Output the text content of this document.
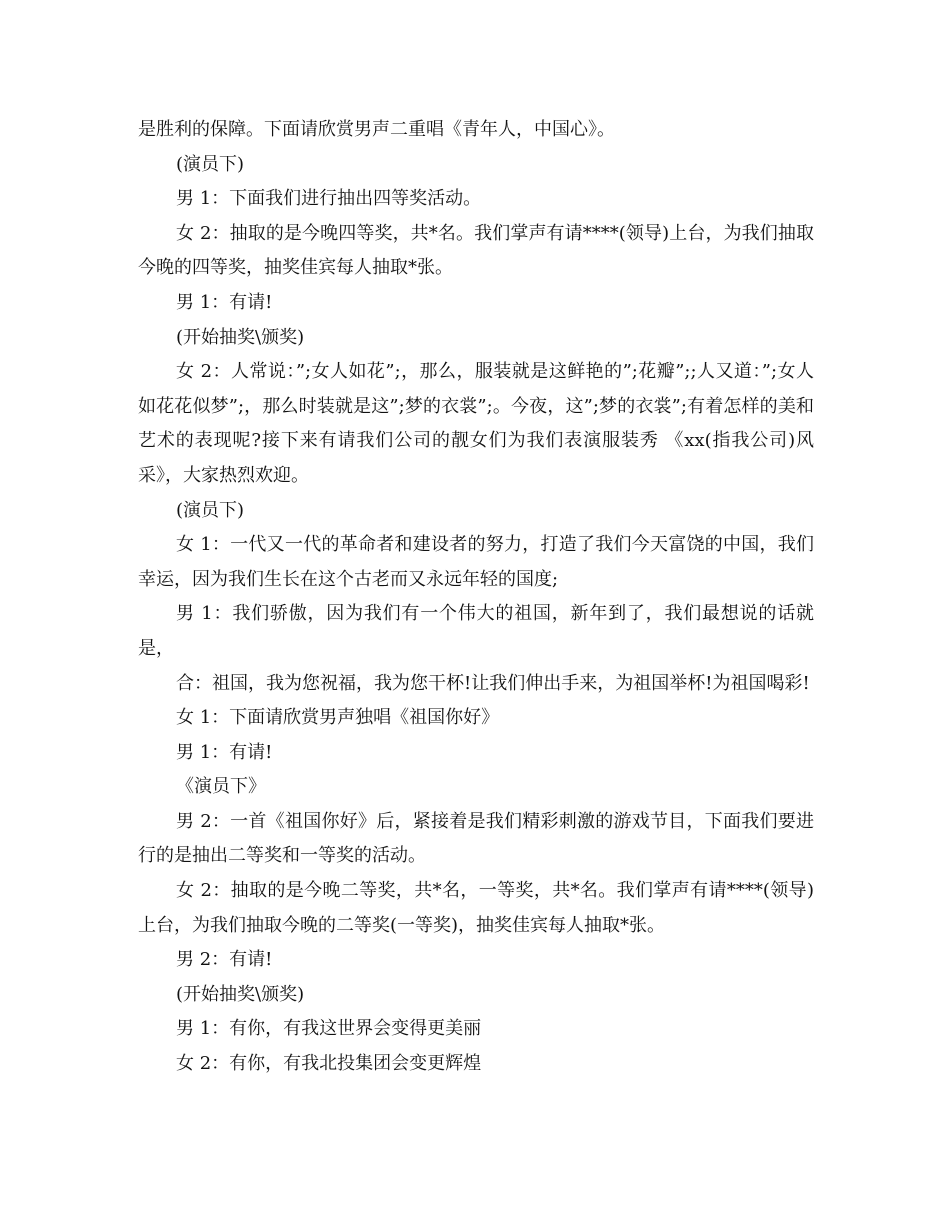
是胜利的保障。下面请欣赏男声二重唱《青年人，中国心》。

(演员下)

男 1：下面我们进行抽出四等奖活动。

女 2：抽取的是今晚四等奖，共*名。我们掌声有请****(领导)上台，为我们抽取今晚的四等奖，抽奖佳宾每人抽取*张。

男 1：有请!

(开始抽奖\颁奖)

女 2：人常说：”;女人如花”;，那么，服装就是这鲜艳的”;花瓣”;;人又道：”;女人如花花似梦”;，那么时装就是这”;梦的衣裳”;。今夜，这”;梦的衣裳”;有着怎样的美和艺术的表现呢?接下来有请我们公司的靓女们为我们表演服装秀 《xx(指我公司)风采》，大家热烈欢迎。

(演员下)

女 1：一代又一代的革命者和建设者的努力，打造了我们今天富饶的中国，我们幸运，因为我们生长在这个古老而又永远年轻的国度;

男 1：我们骄傲，因为我们有一个伟大的祖国，新年到了，我们最想说的话就是，

合：祖国，我为您祝福，我为您干杯!让我们伸出手来，为祖国举杯!为祖国喝彩!

女 1：下面请欣赏男声独唱《祖国你好》

男 1：有请!

《演员下》

男 2：一首《祖国你好》后，紧接着是我们精彩刺激的游戏节目，下面我们要进行的是抽出二等奖和一等奖的活动。

女 2：抽取的是今晚二等奖，共*名，一等奖，共*名。我们掌声有请****(领导)上台，为我们抽取今晚的二等奖(一等奖)，抽奖佳宾每人抽取*张。

男 2：有请!

(开始抽奖\颁奖)

男 1：有你，有我这世界会变得更美丽

女 2：有你，有我北投集团会变更辉煌
